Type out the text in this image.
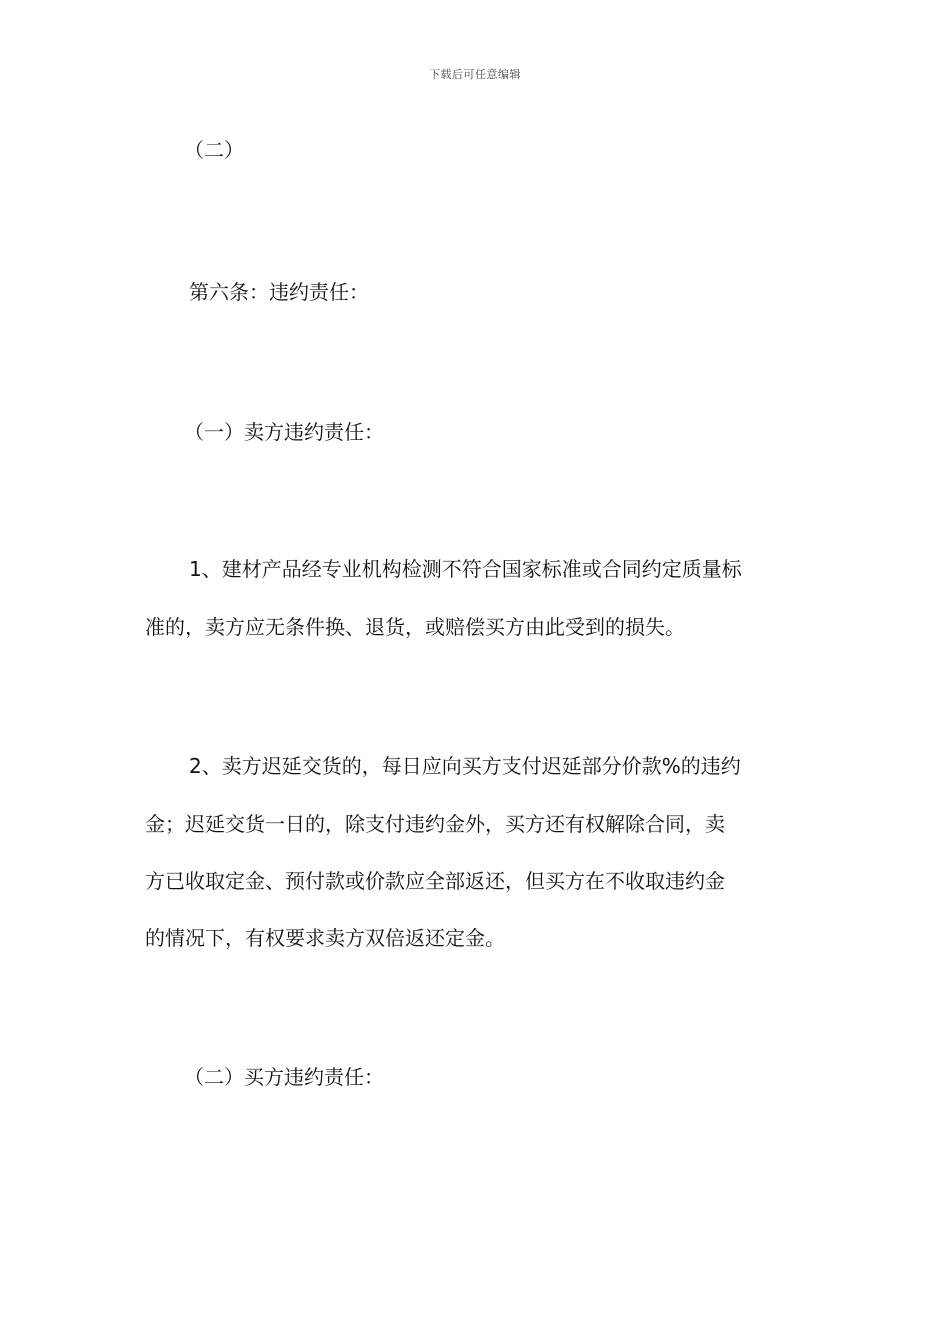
下载后可任意编辑
（二）
第六条：违约责任：
（一）卖方违约责任：
1、建材产品经专业机构检测不符合国家标准或合同约定质量标
准的，卖方应无条件换、退货，或赔偿买方由此受到的损失。
2、卖方迟延交货的，每日应向买方支付迟延部分价款%的违约
金；迟延交货一日的，除支付违约金外，买方还有权解除合同，卖
方已收取定金、预付款或价款应全部返还，但买方在不收取违约金
的情况下，有权要求卖方双倍返还定金。
（二）买方违约责任：
